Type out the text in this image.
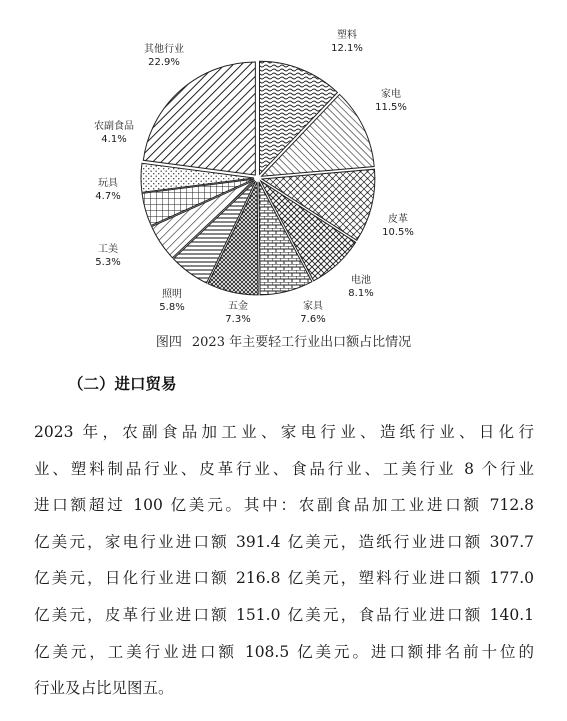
塑料
12.1%
家电
11.5%
皮革
10.5%
电池
8.1%
家具
7.6%
五金
7.3%
照明
5.8%
工美
5.3%
玩具
4.7%
农副食品
4.1%
其他行业
22.9%
图四 2023 年主要轻工行业出口额占比情况
（二）进口贸易
2023 年，农副食品加工业、家电行业、造纸行业、日化行
业、塑料制品行业、皮革行业、食品行业、工美行业 8 个行业
进口额超过 100 亿美元。其中：农副食品加工业进口额 712.8
亿美元，家电行业进口额 391.4 亿美元，造纸行业进口额 307.7
亿美元，日化行业进口额 216.8 亿美元，塑料行业进口额 177.0
亿美元，皮革行业进口额 151.0 亿美元，食品行业进口额 140.1
亿美元，工美行业进口额 108.5 亿美元。进口额排名前十位的
行业及占比见图五。
